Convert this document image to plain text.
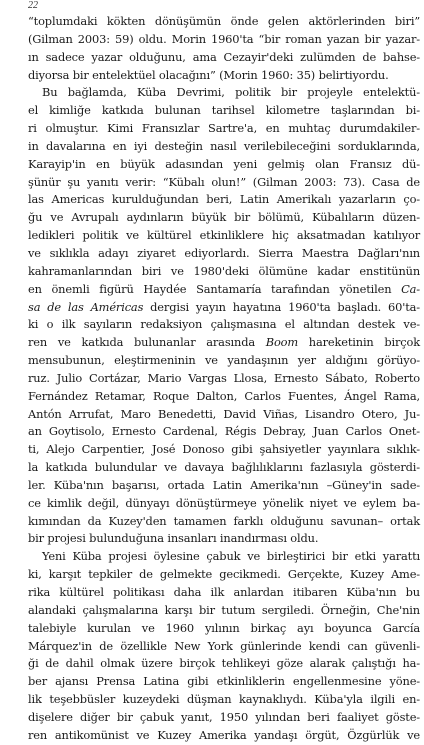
22
“toplumdaki kökten dönüşümün önde gelen aktörlerinden biri”
(Gilman 2003: 59) oldu. Morin 1960'ta “bir roman yazan bir yazar-
ın sadece yazar olduğunu, ama Cezayir'deki zulümden de bahse-
diyorsa bir entelektüel olacağını” (Morin 1960: 35) belirtiyordu.
Bu bağlamda, Küba Devrimi, politik bir projeyle entelektü-
el kimliğe katkıda bulunan tarihsel kilometre taşlarından bi-
ri olmuştur. Kimi Fransızlar Sartre'a, en muhtaç durumdakiler-
in davalarına en iyi desteğin nasıl verilebileceğini sorduklarında,
Karayip'in en büyük adasından yeni gelmiş olan Fransız dü-
şünür şu yanıtı verir: “Kübalı olun!” (Gilman 2003: 73). Casa de
las Americas kurulduğundan beri, Latin Amerikalı yazarların ço-
ğu ve Avrupalı aydınların büyük bir bölümü, Kübalıların düzen-
ledikleri politik ve kültürel etkinliklere hiç aksatmadan katılıyor
ve sıklıkla adayı ziyaret ediyorlardı. Sierra Maestra Dağları'nın
kahramanlarından biri ve 1980'deki ölümüne kadar enstitünün
en önemli figürü Haydée Santamaría tarafından yönetilen Ca-
sa de las Américas dergisi yayın hayatına 1960'ta başladı. 60'ta-
ki o ilk sayıların redaksiyon çalışmasına el altından destek ve-
ren ve katkıda bulunanlar arasında Boom hareketinin birçok
mensubunun, eleştirmeninin ve yandaşının yer aldığını görüyo-
ruz. Julio Cortázar, Mario Vargas Llosa, Ernesto Sábato, Roberto
Fernández Retamar, Roque Dalton, Carlos Fuentes, Ángel Rama,
Antón Arrufat, Maro Benedetti, David Viñas, Lisandro Otero, Ju-
an Goytisolo, Ernesto Cardenal, Régis Debray, Juan Carlos Onet-
ti, Alejo Carpentier, José Donoso gibi şahsiyetler yayınlara sıklık-
la katkıda bulundular ve davaya bağlılıklarını fazlasıyla gösterdi-
ler. Küba'nın başarısı, ortada Latin Amerika'nın –Güney'in sade-
ce kimlik değil, dünyayı dönüştürmeye yönelik niyet ve eylem ba-
kımından da Kuzey'den tamamen farklı olduğunu savunan– ortak
bir projesi bulunduğuna insanları inandırması oldu.
Yeni Küba projesi öylesine çabuk ve birleştirici bir etki yarattı
ki, karşıt tepkiler de gelmekte gecikmedi. Gerçekte, Kuzey Ame-
rika kültürel politikası daha ilk anlardan itibaren Küba'nın bu
alandaki çalışmalarına karşı bir tutum sergiledi. Örneğin, Che'nin
talebiyle kurulan ve 1960 yılının birkaç ayı boyunca García
Márquez'in de özellikle New York günlerinde kendi can güvenli-
ği de dahil olmak üzere birçok tehlikeyi göze alarak çalıştığı ha-
ber ajansı Prensa Latina gibi etkinliklerin engellenmesine yöne-
lik teşebbüsler kuzeydeki düşman kaynaklıydı. Küba'yla ilgili en-
dişelere diğer bir çabuk yanıt, 1950 yılından beri faaliyet göste-
ren antikomünist ve Kuzey Amerika yandaşı örgüt, Özgürlük ve
